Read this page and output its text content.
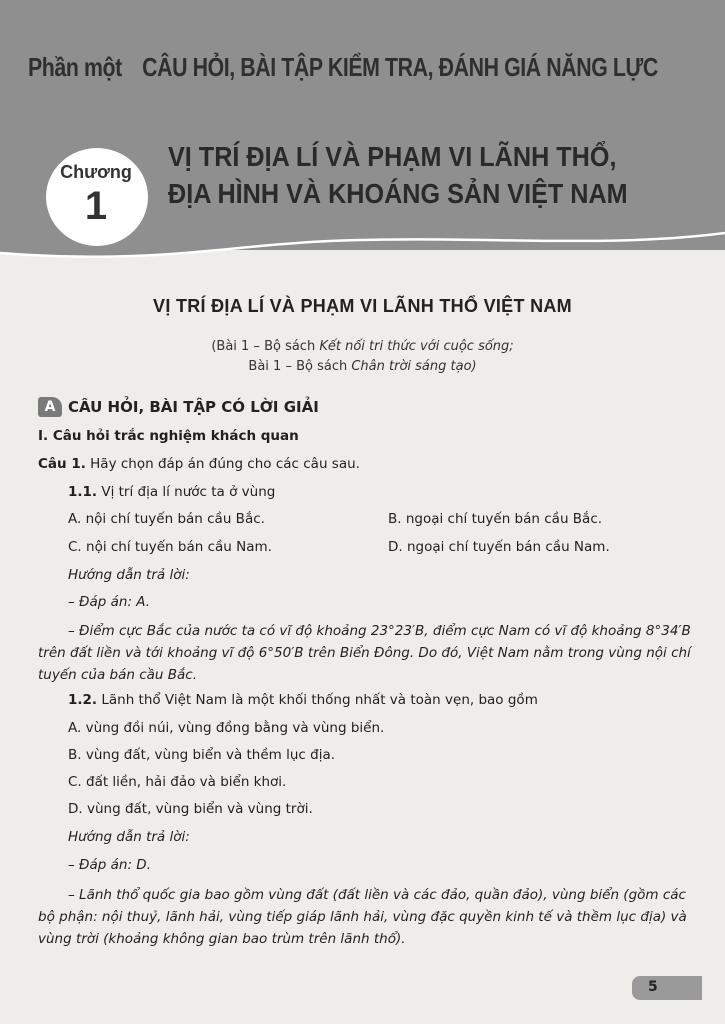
Phần một CÂU HỎI, BÀI TẬP KIỂM TRA, ĐÁNH GIÁ NĂNG LỰC
Chương
1
VỊ TRÍ ĐỊA LÍ VÀ PHẠM VI LÃNH THỔ,
ĐỊA HÌNH VÀ KHOÁNG SẢN VIỆT NAM
VỊ TRÍ ĐỊA LÍ VÀ PHẠM VI LÃNH THỔ VIỆT NAM
(Bài 1 – Bộ sách Kết nối tri thức với cuộc sống;
Bài 1 – Bộ sách Chân trời sáng tạo)
A CÂU HỎI, BÀI TẬP CÓ LỜI GIẢI
I. Câu hỏi trắc nghiệm khách quan
Câu 1. Hãy chọn đáp án đúng cho các câu sau.
1.1. Vị trí địa lí nước ta ở vùng
A. nội chí tuyến bán cầu Bắc.	B. ngoại chí tuyến bán cầu Bắc.
C. nội chí tuyến bán cầu Nam.	D. ngoại chí tuyến bán cầu Nam.
Hướng dẫn trả lời:
– Đáp án: A.
– Điểm cực Bắc của nước ta có vĩ độ khoảng 23°23′B, điểm cực Nam có vĩ độ khoảng 8°34′B trên đất liền và tới khoảng vĩ độ 6°50′B trên Biển Đông. Do đó, Việt Nam nằm trong vùng nội chí tuyến của bán cầu Bắc.
1.2. Lãnh thổ Việt Nam là một khối thống nhất và toàn vẹn, bao gồm
A. vùng đồi núi, vùng đồng bằng và vùng biển.
B. vùng đất, vùng biển và thềm lục địa.
C. đất liền, hải đảo và biển khơi.
D. vùng đất, vùng biển và vùng trời.
Hướng dẫn trả lời:
– Đáp án: D.
– Lãnh thổ quốc gia bao gồm vùng đất (đất liền và các đảo, quần đảo), vùng biển (gồm các bộ phận: nội thuỷ, lãnh hải, vùng tiếp giáp lãnh hải, vùng đặc quyền kinh tế và thềm lục địa) và vùng trời (khoảng không gian bao trùm trên lãnh thổ).
5
